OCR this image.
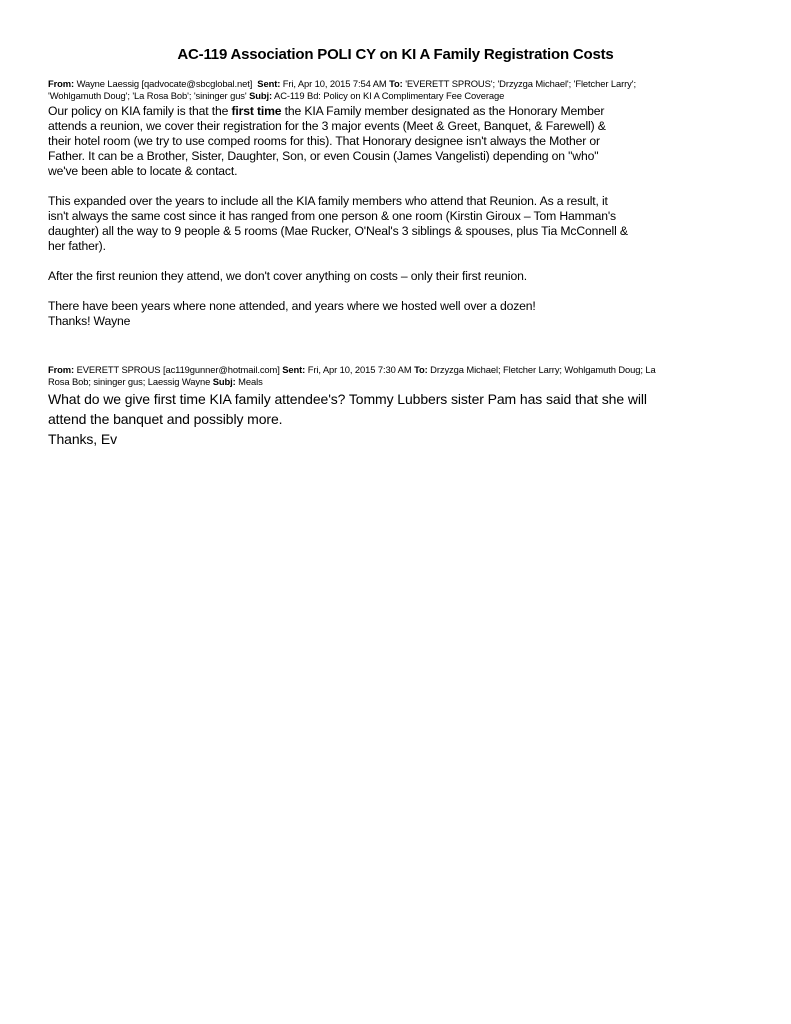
AC-119 Association POLI CY on KI A Family Registration Costs
From: Wayne Laessig [qadvocate@sbcglobal.net] Sent: Fri, Apr 10, 2015 7:54 AM To: 'EVERETT SPROUS'; 'Drzyzga Michael'; 'Fletcher Larry';
'Wohlgamuth Doug'; 'La Rosa Bob'; 'sininger gus' Subj: AC-119 Bd: Policy on KI A Complimentary Fee Coverage

Our policy on KIA family is that the first time the KIA Family member designated as the Honorary Member

attends a reunion, we cover their registration for the 3 major events (Meet & Greet, Banquet, & Farewell) &

their hotel room (we try to use comped rooms for this). That Honorary designee isn't always the Mother or

Father. It can be a Brother, Sister, Daughter, Son, or even Cousin (James Vangelisti) depending on "who"

we've been able to locate & contact.

This expanded over the years to include all the KIA family members who attend that Reunion. As a result, it

isn't always the same cost since it has ranged from one person & one room (Kirstin Giroux – Tom Hamman's

daughter) all the way to 9 people & 5 rooms (Mae Rucker, O'Neal's 3 siblings & spouses, plus Tia McConnell &

her father).

After the first reunion they attend, we don't cover anything on costs – only their first reunion.

There have been years where none attended, and years where we hosted well over a dozen!

Thanks! Wayne

From: EVERETT SPROUS [ac119gunner@hotmail.com] Sent: Fri, Apr 10, 2015 7:30 AM To: Drzyzga Michael; Fletcher Larry; Wohlgamuth Doug; La
Rosa Bob; sininger gus; Laessig Wayne Subj: Meals

What do we give first time KIA family attendee's? Tommy Lubbers sister Pam has said that she will

attend the banquet and possibly more.

Thanks, Ev
